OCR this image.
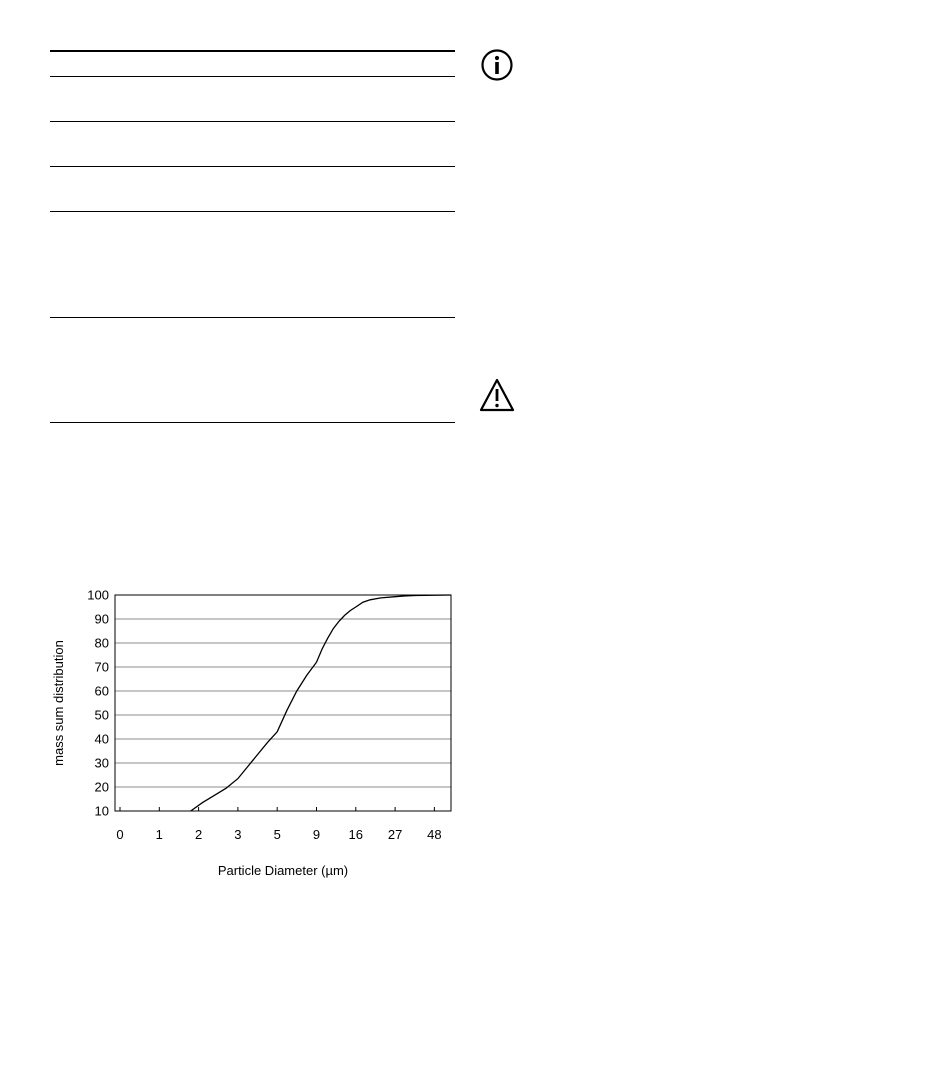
10
20
30
40
50
60
70
80
90
100
0 1 2 3 5 9 16 27 48
Particle Diameter (µm)
mass sum distribution
